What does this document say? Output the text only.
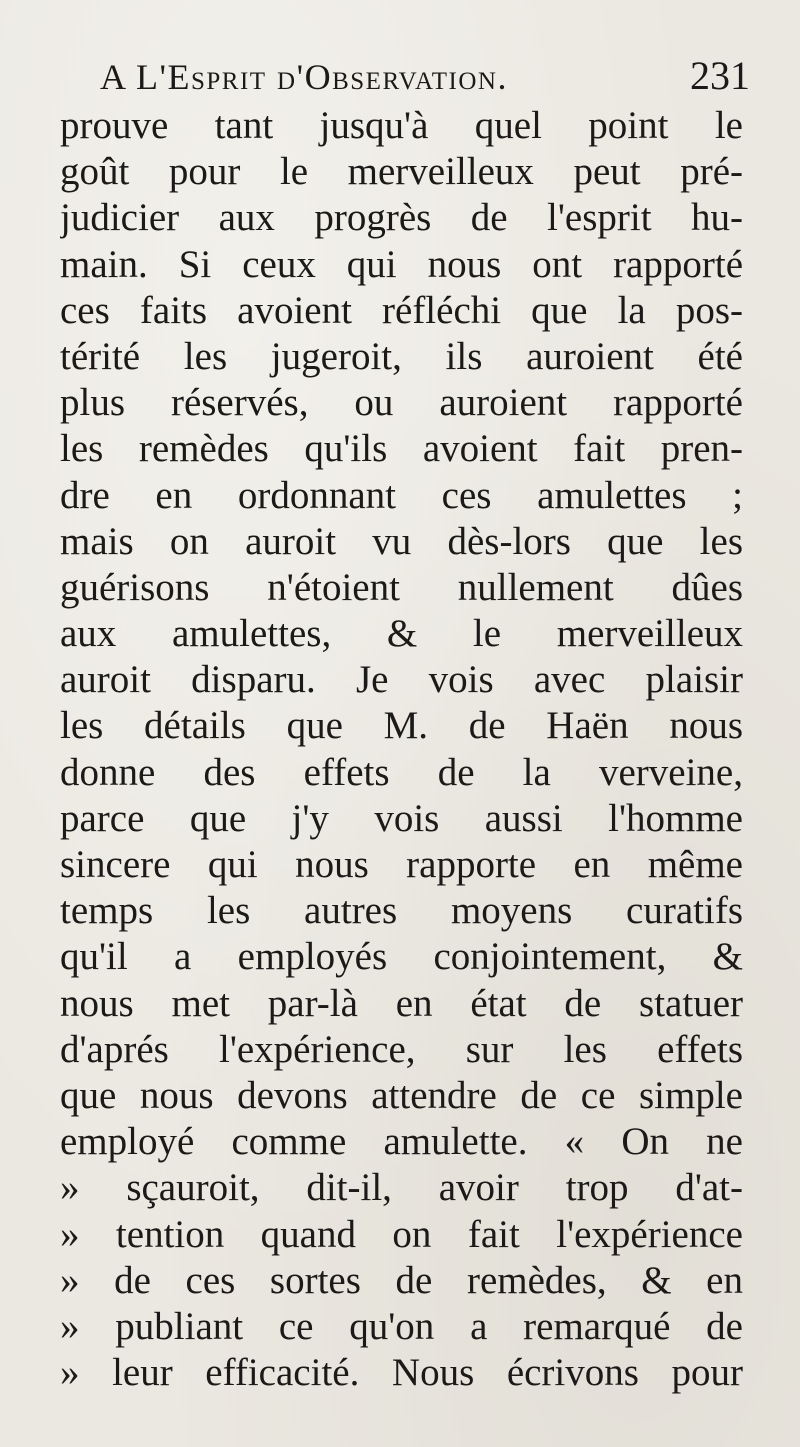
A L'Esprit d'Observation.	231
prouve tant jusqu'à quel point le
goût pour le merveilleux peut pré-
judicier aux progrès de l'esprit hu-
main. Si ceux qui nous ont rapporté
ces faits avoient réfléchi que la pos-
térité les jugeroit, ils auroient été
plus réservés, ou auroient rapporté
les remèdes qu'ils avoient fait pren-
dre en ordonnant ces amulettes ;
mais on auroit vu dès-lors que les
guérisons n'étoient nullement dûes
aux amulettes, & le merveilleux
auroit disparu. Je vois avec plaisir
les détails que M. de Haën nous
donne des effets de la verveine,
parce que j'y vois aussi l'homme
sincere qui nous rapporte en même
temps les autres moyens curatifs
qu'il a employés conjointement, &
nous met par-là en état de statuer
d'aprés l'expérience, sur les effets
que nous devons attendre de ce simple
employé comme amulette. « On ne
» sçauroit, dit-il, avoir trop d'at-
» tention quand on fait l'expérience
» de ces sortes de remèdes, & en
» publiant ce qu'on a remarqué de
» leur efficacité. Nous écrivons pour
